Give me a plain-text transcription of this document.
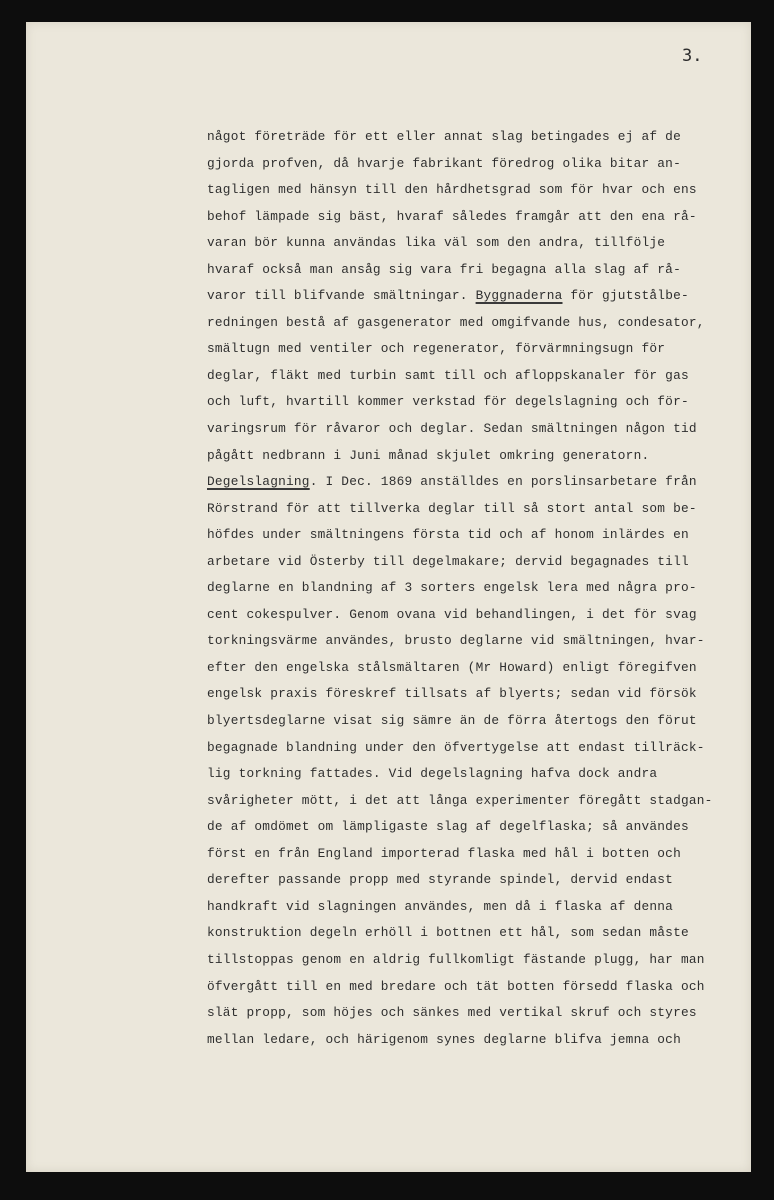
3.
något företräde för ett eller annat slag betingades ej af de
gjorda profven, då hvarje fabrikant föredrog olika bitar an-
tagligen med hänsyn till den hårdhetsgrad som för hvar och ens
behof lämpade sig bäst, hvaraf således framgår att den ena rå-
varan bör kunna användas lika väl som den andra, tillfölje
hvaraf också man ansåg sig vara fri begagna alla slag af rå-
varor till blifvande smältningar. Byggnaderna för gjutstålbe-
redningen bestå af gasgenerator med omgifvande hus, condesator,
smältugn med ventiler och regenerator, förvärmningsugn för
deglar, fläkt med turbin samt till och afloppskanaler för gas
och luft, hvartill kommer verkstad för degelslagning och för-
varingsrum för råvaror och deglar. Sedan smältningen någon tid
pågått nedbrann i Juni månad skjulet omkring generatorn.
Degelslagning. I Dec. 1869 anställdes en porslinsarbetare från
Rörstrand för att tillverka deglar till så stort antal som be-
höfdes under smältningens första tid och af honom inlärdes en
arbetare vid Österby till degelmakare; dervid begagnades till
deglarne en blandning af 3 sorters engelsk lera med några pro-
cent cokespulver. Genom ovana vid behandlingen, i det för svag
torkningsvärme användes, brusto deglarne vid smältningen, hvar-
efter den engelska stålsmältaren (Mr Howard) enligt föregifven
engelsk praxis föreskref tillsats af blyerts; sedan vid försök
blyertsdeglarne visat sig sämre än de förra återtogs den förut
begagnade blandning under den öfvertygelse att endast tillräck-
lig torkning fattades. Vid degelslagning hafva dock andra
svårigheter mött, i det att långa experimenter föregått stadgan-
de af omdömet om lämpligaste slag af degelflaska; så användes
först en från England importerad flaska med hål i botten och
derefter passande propp med styrande spindel, dervid endast
handkraft vid slagningen användes, men då i flaska af denna
konstruktion degeln erhöll i bottnen ett hål, som sedan måste
tillstoppas genom en aldrig fullkomligt fästande plugg, har man
öfvergått till en med bredare och tät botten försedd flaska och
slät propp, som höjes och sänkes med vertikal skruf och styres
mellan ledare, och härigenom synes deglarne blifva jemna och
